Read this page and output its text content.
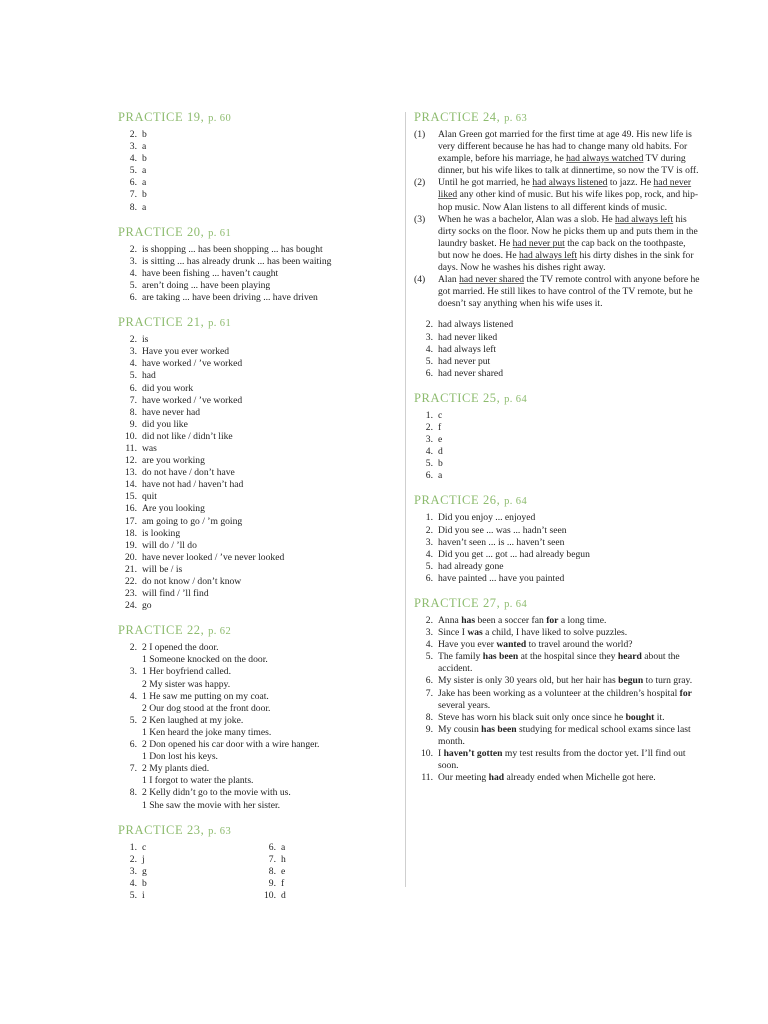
PRACTICE 19, p. 60
2. b
3. a
4. b
5. a
6. a
7. b
8. a
PRACTICE 20, p. 61
2. is shopping ... has been shopping ... has bought
3. is sitting ... has already drunk ... has been waiting
4. have been fishing ... haven’t caught
5. aren’t doing ... have been playing
6. are taking ... have been driving ... have driven
PRACTICE 21, p. 61
2. is
3. Have you ever worked
4. have worked / ’ve worked
5. had
6. did you work
7. have worked / ’ve worked
8. have never had
9. did you like
10. did not like / didn’t like
11. was
12. are you working
13. do not have / don’t have
14. have not had / haven’t had
15. quit
16. Are you looking
17. am going to go / ’m going
18. is looking
19. will do / ’ll do
20. have never looked / ’ve never looked
21. will be / is
22. do not know / don’t know
23. will find / ’ll find
24. go
PRACTICE 22, p. 62
2. 2 I opened the door.
1 Someone knocked on the door.
3. 1 Her boyfriend called.
2 My sister was happy.
4. 1 He saw me putting on my coat.
2 Our dog stood at the front door.
5. 2 Ken laughed at my joke.
1 Ken heard the joke many times.
6. 2 Don opened his car door with a wire hanger.
1 Don lost his keys.
7. 2 My plants died.
1 I forgot to water the plants.
8. 2 Kelly didn’t go to the movie with us.
1 She saw the movie with her sister.
PRACTICE 23, p. 63
1. c
2. j
3. g
4. b
5. i
6. a
7. h
8. e
9. f
10. d
PRACTICE 24, p. 63
(1)	Alan Green got married for the first time at age 49. His new life is very different because he has had to change many old habits. For example, before his marriage, he had always watched TV during dinner, but his wife likes to talk at dinnertime, so now the TV is off.
(2)	Until he got married, he had always listened to jazz. He had never liked any other kind of music. But his wife likes pop, rock, and hip-hop music. Now Alan listens to all different kinds of music.
(3)	When he was a bachelor, Alan was a slob. He had always left his dirty socks on the floor. Now he picks them up and puts them in the laundry basket. He had never put the cap back on the toothpaste, but now he does. He had always left his dirty dishes in the sink for days. Now he washes his dishes right away.
(4)	Alan had never shared the TV remote control with anyone before he got married. He still likes to have control of the TV remote, but he doesn’t say anything when his wife uses it.
2. had always listened
3. had never liked
4. had always left
5. had never put
6. had never shared
PRACTICE 25, p. 64
1. c
2. f
3. e
4. d
5. b
6. a
PRACTICE 26, p. 64
1. Did you enjoy ... enjoyed
2. Did you see ... was ... hadn’t seen
3. haven’t seen ... is ... haven’t seen
4. Did you get ... got ... had already begun
5. had already gone
6. have painted ... have you painted
PRACTICE 27, p. 64
2. Anna has been a soccer fan for a long time.
3. Since I was a child, I have liked to solve puzzles.
4. Have you ever wanted to travel around the world?
5. The family has been at the hospital since they heard about the accident.
6. My sister is only 30 years old, but her hair has begun to turn gray.
7. Jake has been working as a volunteer at the children’s hospital for several years.
8. Steve has worn his black suit only once since he bought it.
9. My cousin has been studying for medical school exams since last month.
10. I haven’t gotten my test results from the doctor yet. I’ll find out soon.
11. Our meeting had already ended when Michelle got here.
